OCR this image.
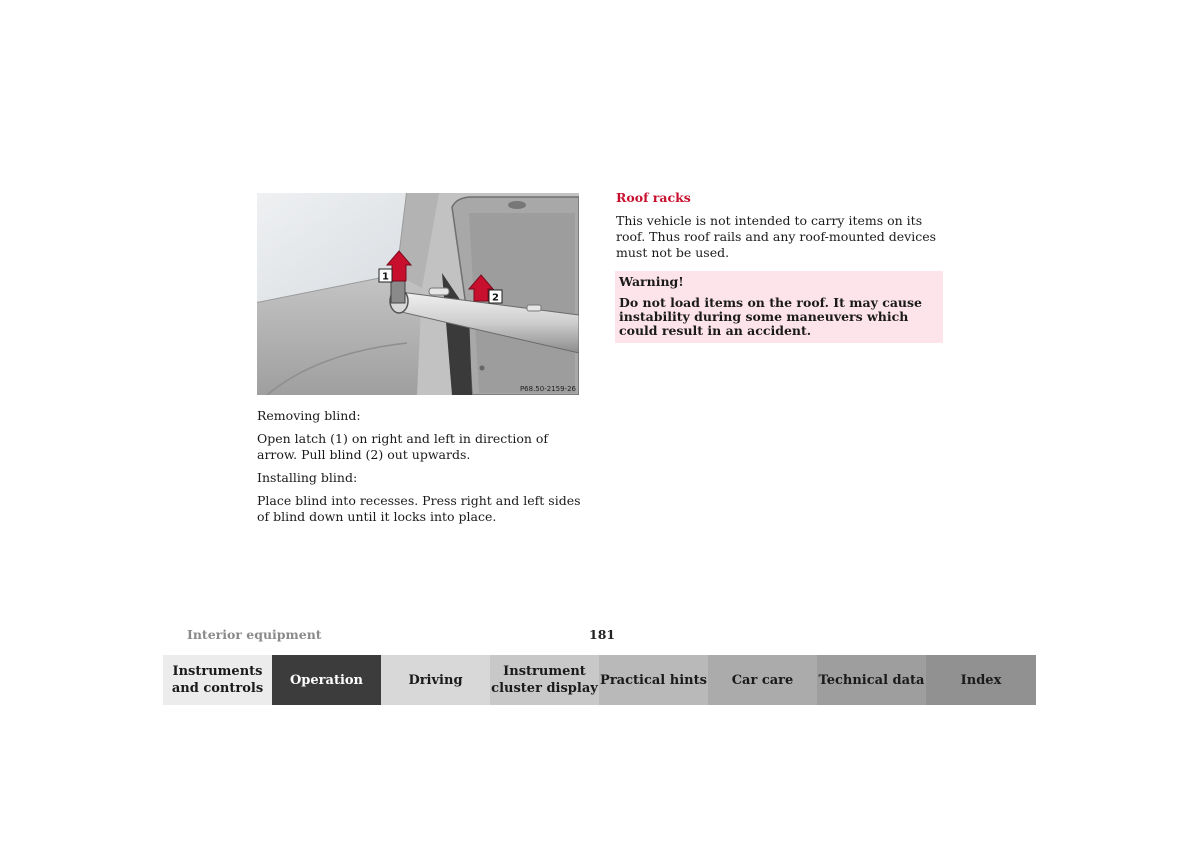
1
2
P68.50-2159-26

Removing blind:

Open latch (1) on right and left in direction of arrow. Pull blind (2) out upwards.

Installing blind:

Place blind into recesses. Press right and left sides of blind down until it locks into place.

Roof racks

This vehicle is not intended to carry items on its roof. Thus roof rails and any roof-mounted devices must not be used.

Warning!

Do not load items on the roof. It may cause instability during some maneuvers which could result in an accident.

Interior equipment	181
Instruments and controls
Operation	Driving
Instrument cluster display
Practical hints	Car care	Technical data	Index
